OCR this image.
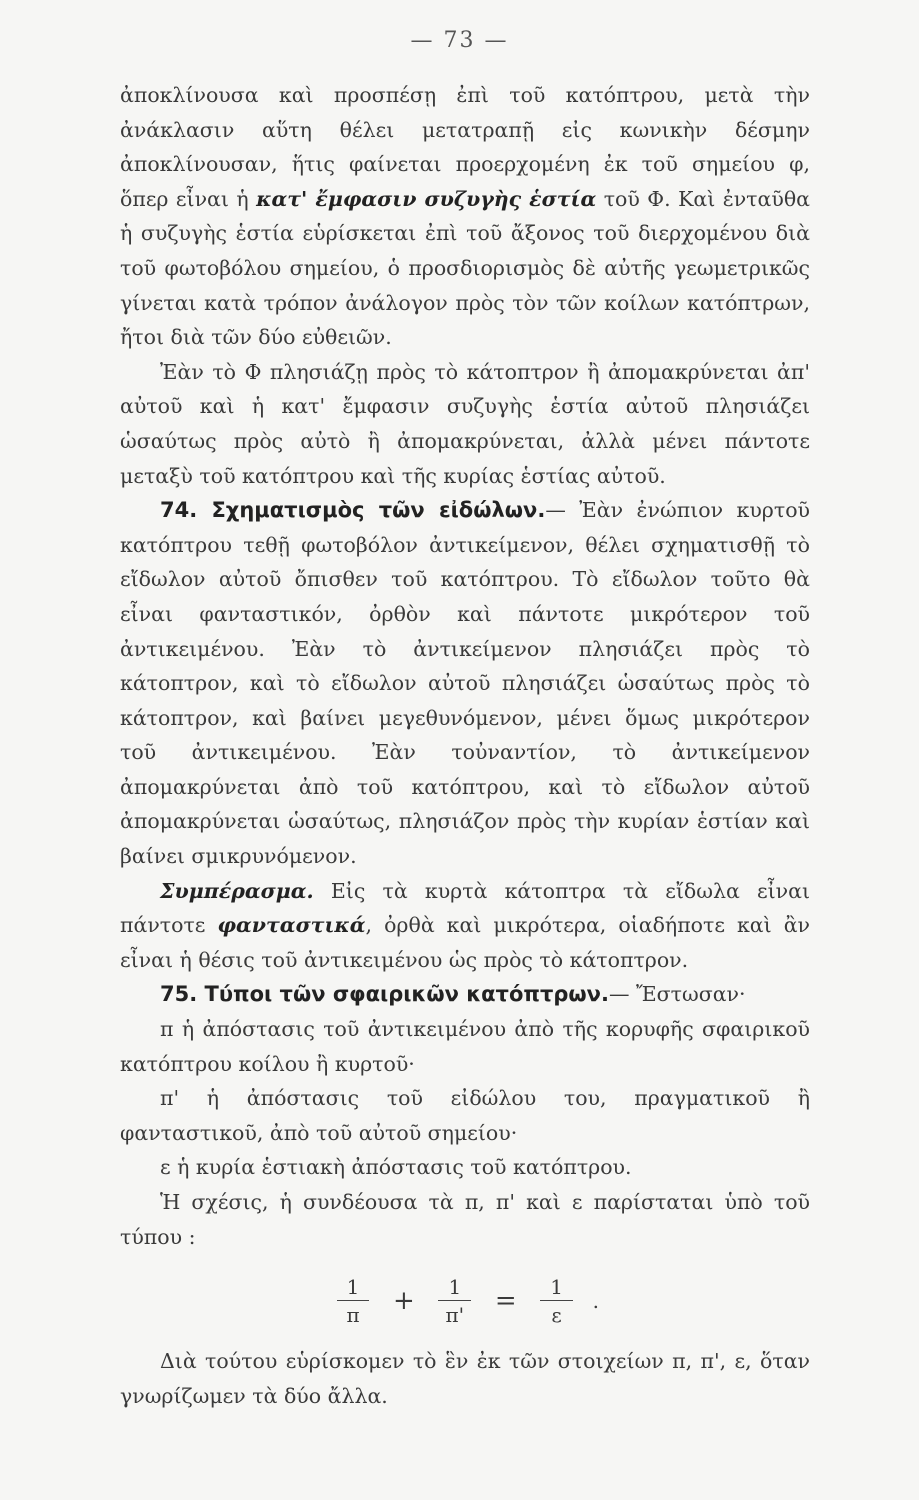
— 73 —

ἀποκλίνουσα καὶ προσπέσῃ ἐπὶ τοῦ κατόπτρου, μετὰ τὴν ἀνάκλασιν αὕτη θέλει μετατραπῇ εἰς κωνικὴν δέσμην ἀποκλίνουσαν, ἥτις φαίνεται προερχομένη ἐκ τοῦ σημείου φ, ὅπερ εἶναι ἡ κατ' ἔμφασιν συζυγὴς ἑστία τοῦ Φ. Καὶ ἐνταῦθα ἡ συζυγὴς ἑστία εὑρίσκεται ἐπὶ τοῦ ἄξονος τοῦ διερχομένου διὰ τοῦ φωτοβόλου σημείου, ὁ προσδιορισμὸς δὲ αὐτῆς γεωμετρικῶς γίνεται κατὰ τρόπον ἀνάλογον πρὸς τὸν τῶν κοίλων κατόπτρων, ἤτοι διὰ τῶν δύο εὐθειῶν.

Ἐὰν τὸ Φ πλησιάζῃ πρὸς τὸ κάτοπτρον ἢ ἀπομακρύνεται ἀπ' αὐτοῦ καὶ ἡ κατ' ἔμφασιν συζυγὴς ἑστία αὐτοῦ πλησιάζει ὡσαύτως πρὸς αὐτὸ ἢ ἀπομακρύνεται, ἀλλὰ μένει πάντοτε μεταξὺ τοῦ κατόπτρου καὶ τῆς κυρίας ἑστίας αὐτοῦ.

74. Σχηματισμὸς τῶν εἰδώλων.— Ἐὰν ἐνώπιον κυρτοῦ κατόπτρου τεθῇ φωτοβόλον ἀντικείμενον, θέλει σχηματισθῇ τὸ εἴδωλον αὐτοῦ ὄπισθεν τοῦ κατόπτρου. Τὸ εἴδωλον τοῦτο θὰ εἶναι φανταστικόν, ὀρθὸν καὶ πάντοτε μικρότερον τοῦ ἀντικειμένου. Ἐὰν τὸ ἀντικείμενον πλησιάζει πρὸς τὸ κάτοπτρον, καὶ τὸ εἴδωλον αὐτοῦ πλησιάζει ὡσαύτως πρὸς τὸ κάτοπτρον, καὶ βαίνει μεγεθυνόμενον, μένει ὅμως μικρότερον τοῦ ἀντικειμένου. Ἐὰν τοὐναντίον, τὸ ἀντικείμενον ἀπομακρύνεται ἀπὸ τοῦ κατόπτρου, καὶ τὸ εἴδωλον αὐτοῦ ἀπομακρύνεται ὡσαύτως, πλησιάζον πρὸς τὴν κυρίαν ἑστίαν καὶ βαίνει σμικρυνόμενον.

Συμπέρασμα. Εἰς τὰ κυρτὰ κάτοπτρα τὰ εἴδωλα εἶναι πάντοτε φανταστικά, ὀρθὰ καὶ μικρότερα, οἱαδήποτε καὶ ἂν εἶναι ἡ θέσις τοῦ ἀντικειμένου ὡς πρὸς τὸ κάτοπτρον.

75. Τύποι τῶν σφαιρικῶν κατόπτρων.— Ἔστωσαν·

π ἡ ἀπόστασις τοῦ ἀντικειμένου ἀπὸ τῆς κορυφῆς σφαιρικοῦ κατόπτρου κοίλου ἢ κυρτοῦ·

π' ἡ ἀπόστασις τοῦ εἰδώλου του, πραγματικοῦ ἢ φανταστικοῦ, ἀπὸ τοῦ αὐτοῦ σημείου·

ε ἡ κυρία ἑστιακὴ ἀπόστασις τοῦ κατόπτρου.

Ἡ σχέσις, ἡ συνδέουσα τὰ π, π' καὶ ε παρίσταται ὑπὸ τοῦ τύπου :

$\frac{1}{\pi} + \frac{1}{\pi'} = \frac{1}{\varepsilon}$ .

Διὰ τούτου εὑρίσκομεν τὸ ἓν ἐκ τῶν στοιχείων π, π', ε, ὅταν γνωρίζωμεν τὰ δύο ἄλλα.
